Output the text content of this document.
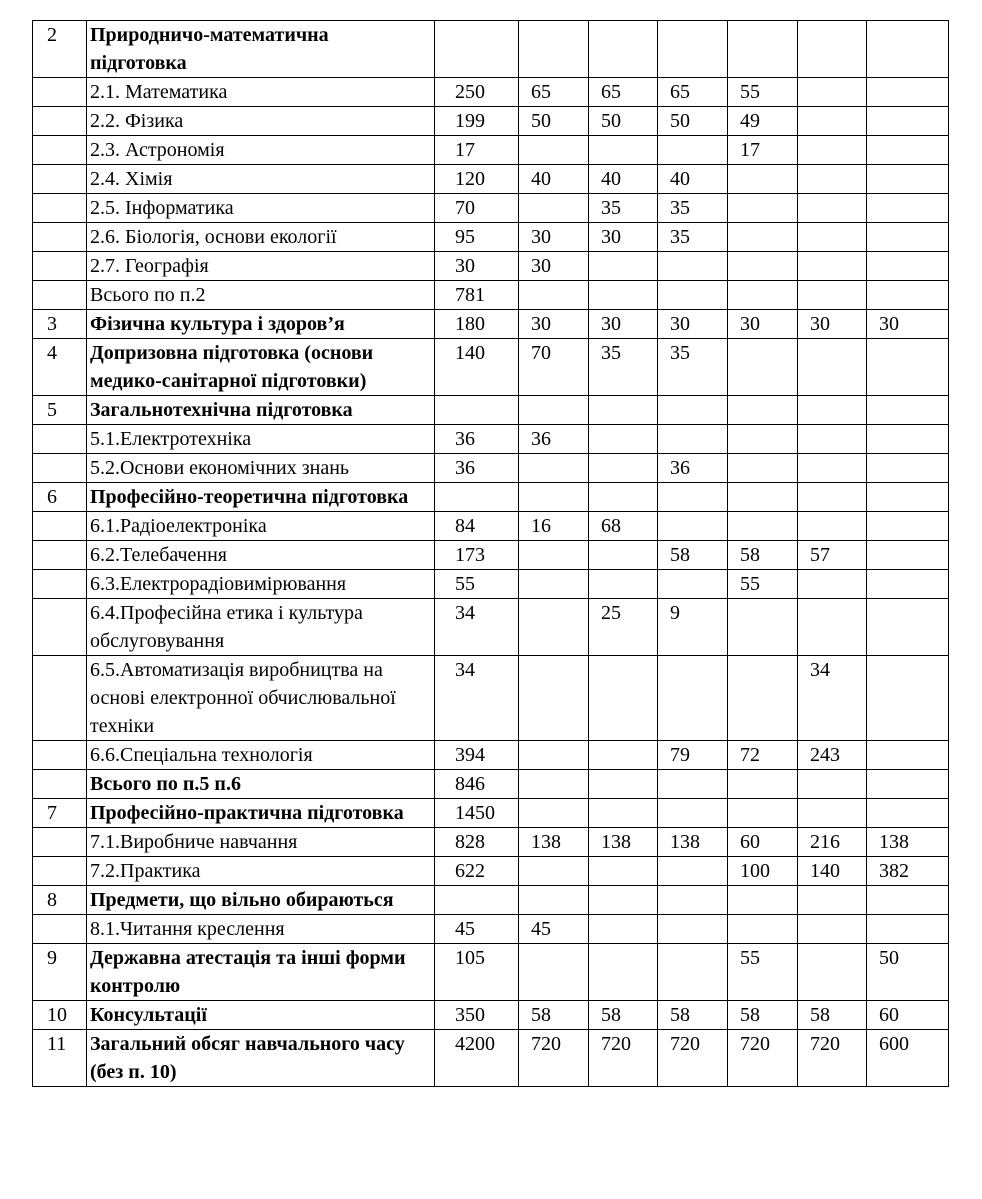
2	Природничо-математична підготовка							
	2.1. Математика	250	65	65	65	55		
	2.2. Фізика	199	50	50	50	49		
	2.3. Астрономія	17				17		
	2.4. Хімія	120	40	40	40			
	2.5. Інформатика	70		35	35			
	2.6. Біологія, основи екології	95	30	30	35			
	2.7. Географія	30	30					
	Всього по п.2	781						
3	Фізична культура і здоров’я	180	30	30	30	30	30	30
4	Допризовна підготовка (основи медико-санітарної підготовки)	140	70	35	35			
5	Загальнотехнічна підготовка							
	5.1.Електротехніка	36	36					
	5.2.Основи економічних знань	36			36			
6	Професійно-теоретична підготовка							
	6.1.Радіоелектроніка	84	16	68				
	6.2.Телебачення	173			58	58	57	
	6.3.Електрорадіовимірювання	55				55		
	6.4.Професійна етика і культура обслуговування	34		25	9			
	6.5.Автоматизація виробництва на основі електронної обчислювальної техніки	34					34	
	6.6.Спеціальна технологія	394			79	72	243	
	Всього по п.5 п.6	846						
7	Професійно-практична підготовка	1450						
	7.1.Виробниче навчання	828	138	138	138	60	216	138
	7.2.Практика	622				100	140	382
8	Предмети, що вільно обираються							
	8.1.Читання креслення	45	45					
9	Державна атестація та інші форми контролю	105				55		50
10	Консультації	350	58	58	58	58	58	60
11	Загальний обсяг навчального часу (без п. 10)	4200	720	720	720	720	720	600
